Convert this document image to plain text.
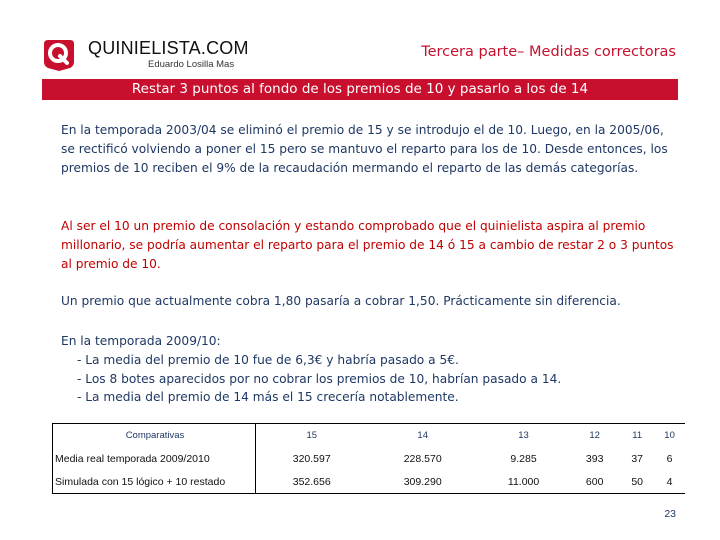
QUINIELISTA.COM
Eduardo Losilla Mas
Tercera parte– Medidas correctoras
Restar 3 puntos al fondo de los premios de 10 y pasarlo a los de 14

En la temporada 2003/04 se eliminó el premio de 15 y se introdujo el de 10. Luego, en la 2005/06, se rectificó volviendo a poner el 15 pero se mantuvo el reparto para los de 10. Desde entonces, los premios de 10 reciben el 9% de la recaudación mermando el reparto de las demás categorías.

Al ser el 10 un premio de consolación y estando comprobado que el quinielista aspira al premio millonario, se podría aumentar el reparto para el premio de 14 ó 15 a cambio de restar 2 o 3 puntos al premio de 10.

Un premio que actualmente cobra 1,80 pasaría a cobrar 1,50. Prácticamente sin diferencia.

En la temporada 2009/10:
- La media del premio de 10 fue de 6,3€ y habría pasado a 5€.
- Los 8 botes aparecidos por no cobrar los premios de 10, habrían pasado a 14.
- La media del premio de 14 más el 15 crecería notablemente.
Comparativas	15	14	13	12	11	10
Media real temporada 2009/2010	320.597	228.570	9.285	393	37	6
Simulada con 15 lógico + 10 restado	352.656	309.290	11.000	600	50	4
23
